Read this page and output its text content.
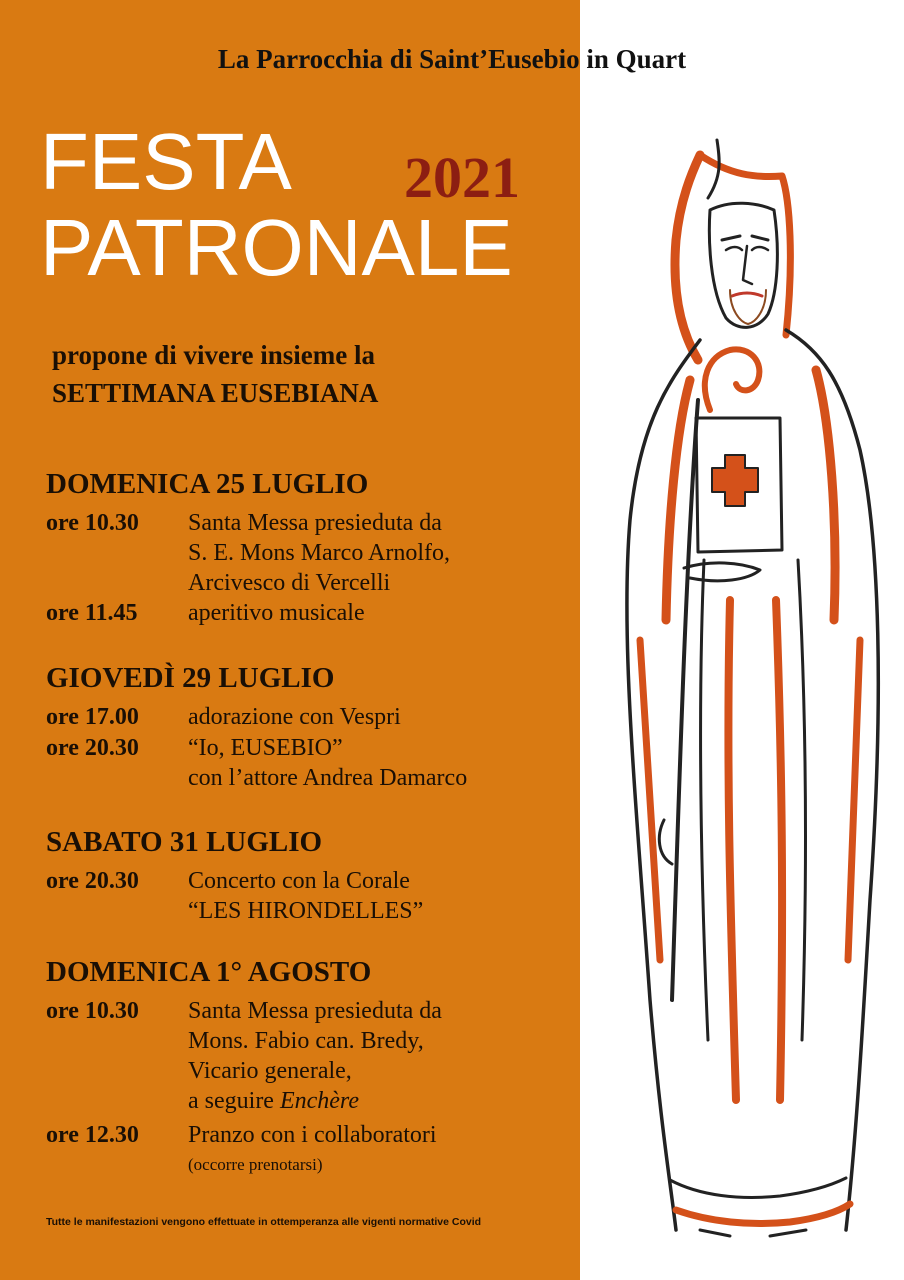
La Parrocchia di Saint’Eusebio in Quart
FESTA
PATRONALE
2021
propone di vivere insieme la
SETTIMANA EUSEBIANA
DOMENICA 25 LUGLIO
ore 10.30 Santa Messa presieduta da
S. E. Mons Marco Arnolfo,
Arcivesco di Vercelli
ore 11.45 aperitivo musicale
GIOVEDÌ 29 LUGLIO
ore 17.00 adorazione con Vespri
ore 20.30 “Io, EUSEBIO”
con l’attore Andrea Damarco
SABATO 31 LUGLIO
ore 20.30 Concerto con la Corale
“LES HIRONDELLES”
DOMENICA 1° AGOSTO
ore 10.30 Santa Messa presieduta da
Mons. Fabio can. Bredy,
Vicario generale,
a seguire Enchère
ore 12.30 Pranzo con i collaboratori
(occorre prenotarsi)
Tutte le manifestazioni vengono effettuate in ottemperanza alle vigenti normative Covid
